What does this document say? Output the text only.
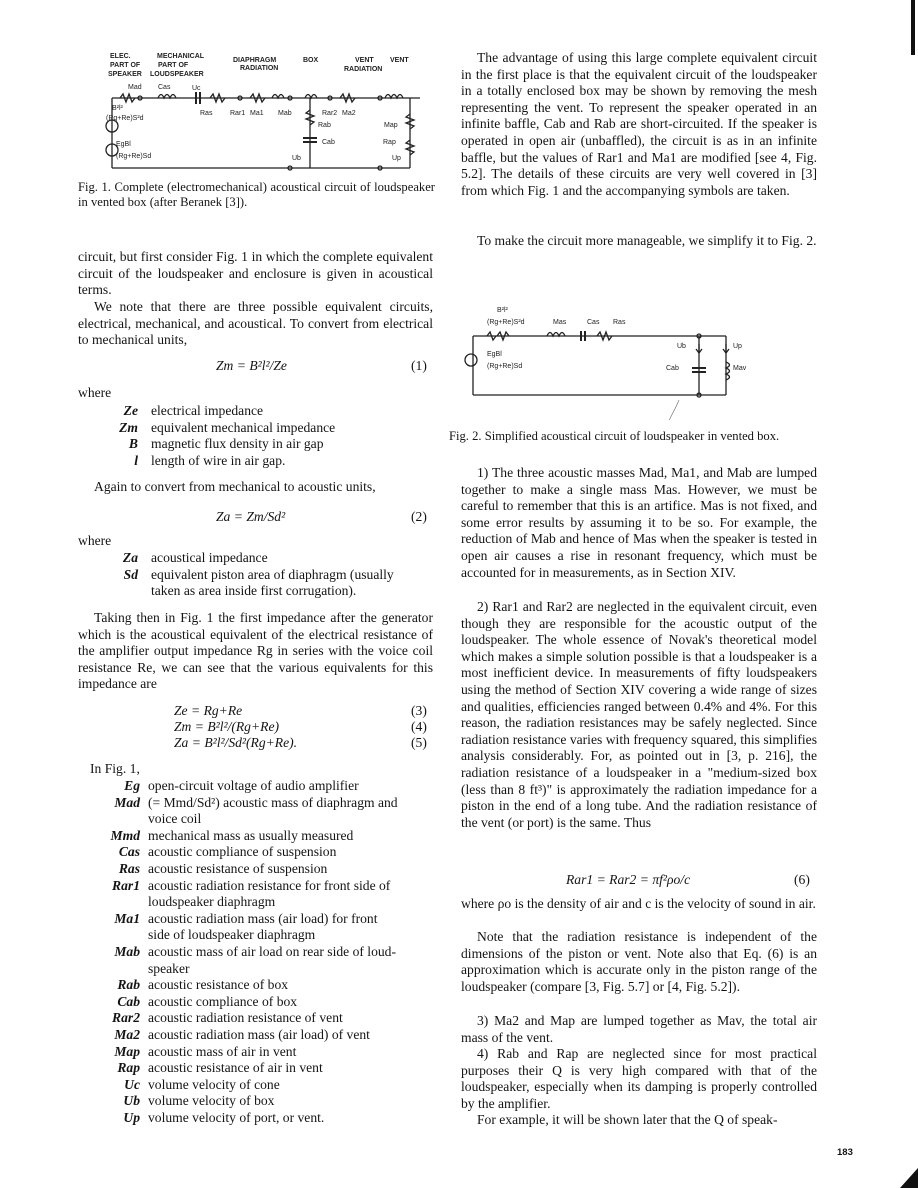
ELEC.	MECHANICAL
DIAPHRAGM	BOX	VENT VENT
PART OF	PART OF	RADIATION	RADIATION
SPEAKER LOUDSPEAKER
Mad Cas	Uc
B²l²
(Rg+Re)S²d
Ras	Rar1 Ma1 Mab	Rar2 Ma2
Rab	Map
Cab	Rap
EgBl
(Rg+Re)Sd	Ub	Up
Fig. 1. Complete (electromechanical) acoustical circuit of loudspeaker in vented box (after Beranek [3]).

circuit, but first consider Fig. 1 in which the complete equivalent circuit of the loudspeaker and enclosure is given in acoustical terms.

We note that there are three possible equivalent circuits, electrical, mechanical, and acoustical. To convert from electrical to mechanical units,

Zm = B²l²/Ze	(1)
where
Ze electrical impedance
Zm equivalent mechanical impedance
B magnetic flux density in air gap
l length of wire in air gap.

Again to convert from mechanical to acoustic units,

Za = Zm/Sd²	(2)
where
Za acoustical impedance
Sd equivalent piston area of diaphragm (usually
taken as area inside first corrugation).

Taking then in Fig. 1 the first impedance after the generator which is the acoustical equivalent of the electrical resistance of the amplifier output impedance Rg in series with the voice coil resistance Re, we can see that the various equivalents for this impedance are

Ze = Rg+Re	(3)
Zm = B²l²/(Rg+Re)	(4)
Za = B²l²/Sd²(Rg+Re).	(5)
In Fig. 1,
Eg open-circuit voltage of audio amplifier
Mad (= Mmd/Sd²) acoustic mass of diaphragm and
voice coil
Mmd mechanical mass as usually measured
Cas acoustic compliance of suspension
Ras acoustic resistance of suspension
Rar1 acoustic radiation resistance for front side of
loudspeaker diaphragm
Ma1 acoustic radiation mass (air load) for front
side of loudspeaker diaphragm
Mab acoustic mass of air load on rear side of loud-
speaker
Rab acoustic resistance of box
Cab acoustic compliance of box
Rar2 acoustic radiation resistance of vent
Ma2 acoustic radiation mass (air load) of vent
Map acoustic mass of air in vent
Rap acoustic resistance of air in vent
Uc volume velocity of cone
Ub volume velocity of box
Up volume velocity of port, or vent.

The advantage of using this large complete equivalent circuit in the first place is that the equivalent circuit of the loudspeaker in a totally enclosed box may be shown by removing the mesh representing the vent. To represent the speaker operated in an infinite baffle, Cab and Rab are short-circuited. If the speaker is operated in open air (unbaffled), the circuit is as in an infinite baffle, but the values of Rar1 and Ma1 are modified [see 4, Fig. 5.2]. The details of these circuits are very well covered in [3] from which Fig. 1 and the accompanying symbols are taken.

To make the circuit more manageable, we simplify it to Fig. 2.

B²l²
(Rg+Re)S²d	Mas	Cas Ras
Ub	Up
EgBl
(Rg+Re)Sd	Cab	Mav
Fig. 2. Simplified acoustical circuit of loudspeaker in vented box.

1) The three acoustic masses Mad, Ma1, and Mab are lumped together to make a single mass Mas. However, we must be careful to remember that this is an artifice. Mas is not fixed, and some error results by assuming it to be so. For example, the reduction of Mab and hence of Mas when the speaker is tested in open air causes a rise in resonant frequency, which must be accounted for in measurements, as in Section XIV.

2) Rar1 and Rar2 are neglected in the equivalent circuit, even though they are responsible for the acoustic output of the loudspeaker. The whole essence of Novak's theoretical model which makes a simple solution possible is that a loudspeaker is a most inefficient device. In measurements of fifty loudspeakers using the method of Section XIV covering a wide range of sizes and qualities, efficiencies ranged between 0.4% and 4%. For this reason, the radiation resistances may be safely neglected. Since radiation resistance varies with frequency squared, this simplifies analysis considerably. For, as pointed out in [3, p. 216], the radiation resistance of a loudspeaker in a "medium-sized box (less than 8 ft³)" is approximately the radiation impedance for a piston in the end of a long tube. And the radiation resistance of the vent (or port) is the same. Thus

Rar1 = Rar2 = πf²ρo/c	(6)

where ρo is the density of air and c is the velocity of sound in air.

Note that the radiation resistance is independent of the dimensions of the piston or vent. Note also that Eq. (6) is an approximation which is accurate only in the piston range of the loudspeaker (compare [3, Fig. 5.7] or [4, Fig. 5.2]).

3) Ma2 and Map are lumped together as Mav, the total air mass of the vent.

4) Rab and Rap are neglected since for most practical purposes their Q is very high compared with that of the loudspeaker, especially when its damping is properly controlled by the amplifier.

For example, it will be shown later that the Q of speak-

183
